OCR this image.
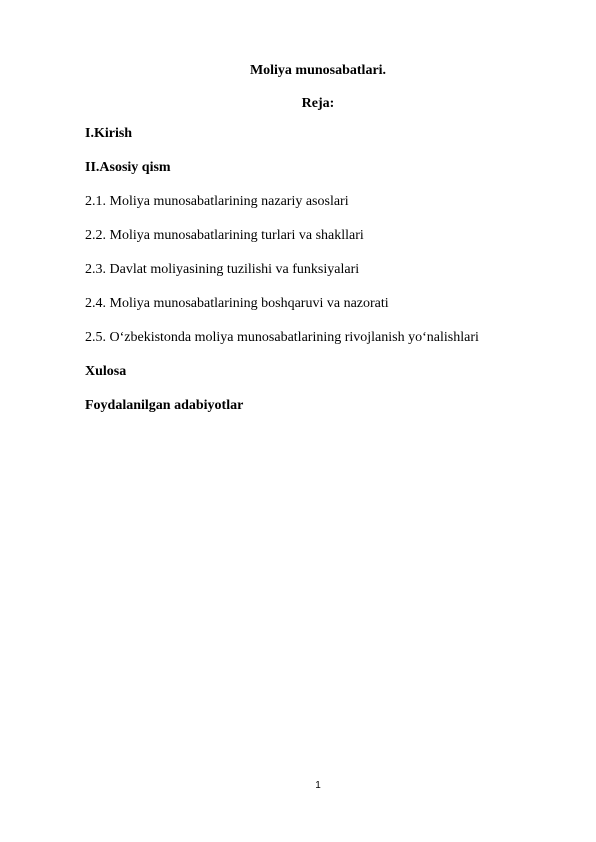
Moliya munosabatlari.
Reja:
I.Kirish
II.Asosiy qism
2.1. Moliya munosabatlarining nazariy asoslari
2.2. Moliya munosabatlarining turlari va shakllari
2.3. Davlat moliyasining tuzilishi va funksiyalari
2.4. Moliya munosabatlarining boshqaruvi va nazorati
2.5. O‘zbekistonda moliya munosabatlarining rivojlanish yo‘nalishlari
Xulosa
Foydalanilgan adabiyotlar
1
